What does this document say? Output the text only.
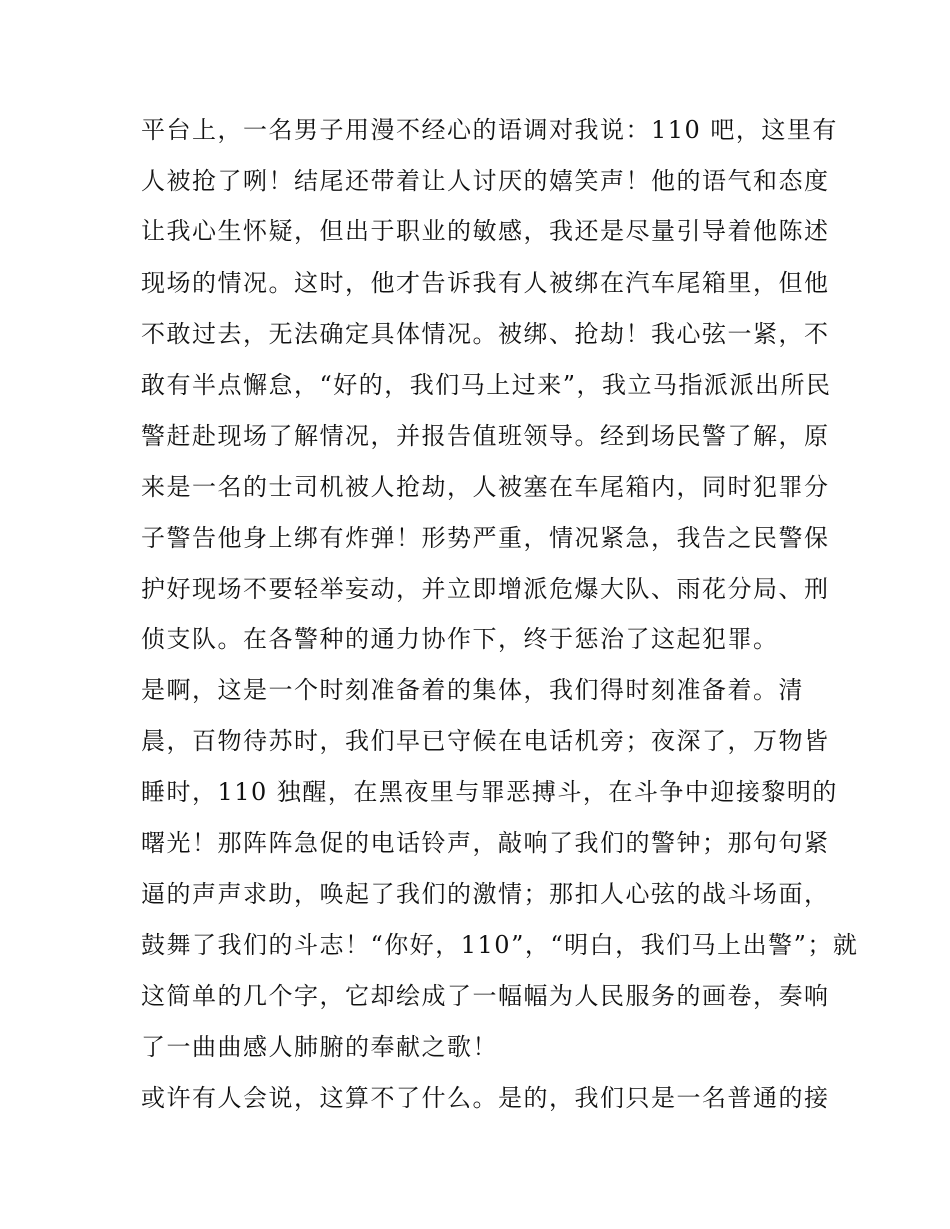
平台上，一名男子用漫不经心的语调对我说：110 吧，这里有
人被抢了咧！结尾还带着让人讨厌的嬉笑声！他的语气和态度
让我心生怀疑，但出于职业的敏感，我还是尽量引导着他陈述
现场的情况。这时，他才告诉我有人被绑在汽车尾箱里，但他
不敢过去，无法确定具体情况。被绑、抢劫！我心弦一紧，不
敢有半点懈怠，“好的，我们马上过来”，我立马指派派出所民
警赶赴现场了解情况，并报告值班领导。经到场民警了解，原
来是一名的士司机被人抢劫，人被塞在车尾箱内，同时犯罪分
子警告他身上绑有炸弹！形势严重，情况紧急，我告之民警保
护好现场不要轻举妄动，并立即增派危爆大队、雨花分局、刑
侦支队。在各警种的通力协作下，终于惩治了这起犯罪。
是啊，这是一个时刻准备着的集体，我们得时刻准备着。清
晨，百物待苏时，我们早已守候在电话机旁；夜深了，万物皆
睡时，110 独醒，在黑夜里与罪恶搏斗，在斗争中迎接黎明的
曙光！那阵阵急促的电话铃声，敲响了我们的警钟；那句句紧
逼的声声求助，唤起了我们的激情；那扣人心弦的战斗场面，
鼓舞了我们的斗志！“你好，110”，“明白，我们马上出警”；就
这简单的几个字，它却绘成了一幅幅为人民服务的画卷，奏响
了一曲曲感人肺腑的奉献之歌！
或许有人会说，这算不了什么。是的，我们只是一名普通的接
